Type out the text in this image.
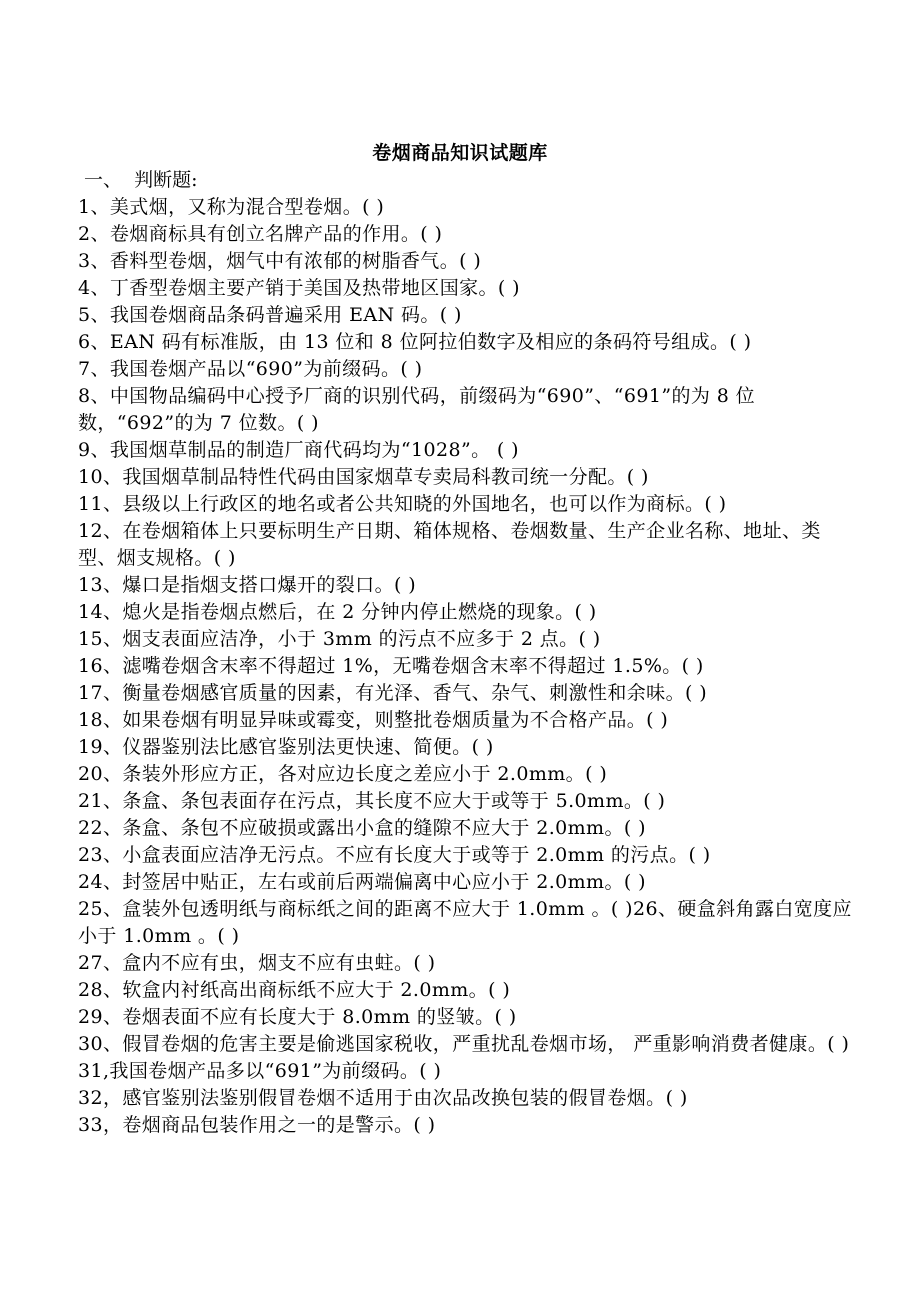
卷烟商品知识试题库
一、  判断题:
1、美式烟，又称为混合型卷烟。( )
2、卷烟商标具有创立名牌产品的作用。( )
3、香料型卷烟，烟气中有浓郁的树脂香气。( )
4、丁香型卷烟主要产销于美国及热带地区国家。( )
5、我国卷烟商品条码普遍采用 EAN 码。( )
6、EAN 码有标准版，由 13 位和 8 位阿拉伯数字及相应的条码符号组成。( )
7、我国卷烟产品以“690”为前缀码。( )
8、中国物品编码中心授予厂商的识别代码，前缀码为“690”、“691”的为 8 位数，“692”的为 7 位数。( )
9、我国烟草制品的制造厂商代码均为“1028”。 ( )
10、我国烟草制品特性代码由国家烟草专卖局科教司统一分配。( )
11、县级以上行政区的地名或者公共知晓的外国地名，也可以作为商标。( )
12、在卷烟箱体上只要标明生产日期、箱体规格、卷烟数量、生产企业名称、地址、类型、烟支规格。( )
13、爆口是指烟支搭口爆开的裂口。( )
14、熄火是指卷烟点燃后，在 2 分钟内停止燃烧的现象。( )
15、烟支表面应洁净，小于 3mm 的污点不应多于 2 点。( )
16、滤嘴卷烟含末率不得超过 1%，无嘴卷烟含末率不得超过 1.5%。( )
17、衡量卷烟感官质量的因素，有光泽、香气、杂气、刺激性和余味。( )
18、如果卷烟有明显异味或霉变，则整批卷烟质量为不合格产品。( )
19、仪器鉴别法比感官鉴别法更快速、简便。( )
20、条装外形应方正，各对应边长度之差应小于 2.0mm。( )
21、条盒、条包表面存在污点，其长度不应大于或等于 5.0mm。( )
22、条盒、条包不应破损或露出小盒的缝隙不应大于 2.0mm。( )
23、小盒表面应洁净无污点。不应有长度大于或等于 2.0mm 的污点。( )
24、封签居中贴正，左右或前后两端偏离中心应小于 2.0mm。( )
25、盒装外包透明纸与商标纸之间的距离不应大于 1.0mm 。( )26、硬盒斜角露白宽度应小于 1.0mm 。( )
27、盒内不应有虫，烟支不应有虫蛀。( )
28、软盒内衬纸高出商标纸不应大于 2.0mm。( )
29、卷烟表面不应有长度大于 8.0mm 的竖皱。( )
30、假冒卷烟的危害主要是偷逃国家税收，严重扰乱卷烟市场， 严重影响消费者健康。( )
31,我国卷烟产品多以“691”为前缀码。( )
32，感官鉴别法鉴别假冒卷烟不适用于由次品改换包装的假冒卷烟。( )
33，卷烟商品包装作用之一的是警示。( )
